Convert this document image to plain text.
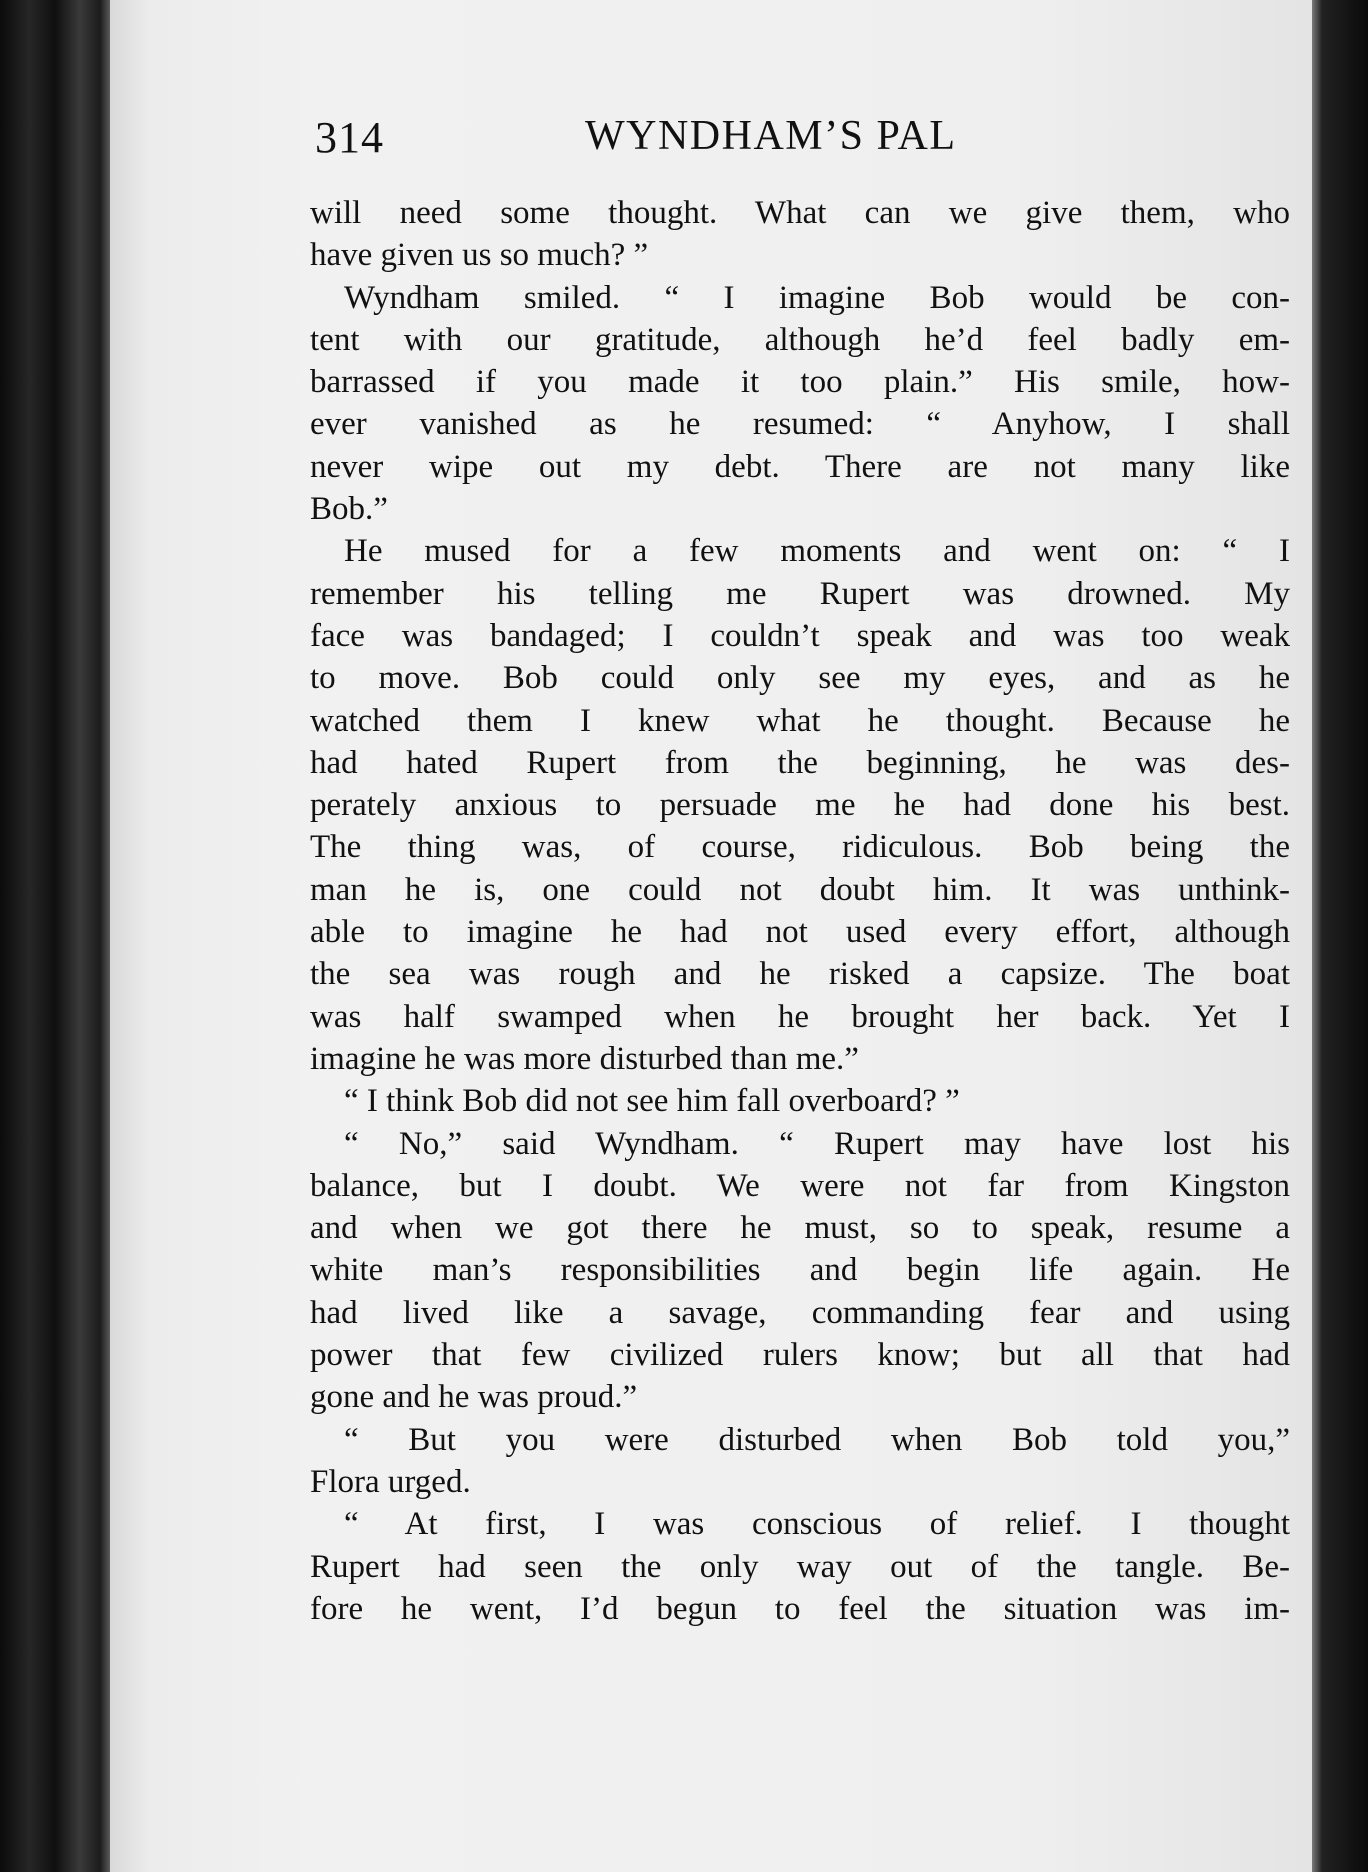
314	WYNDHAM’S PAL
will need some thought. What can we give them, who
have given us so much? ”
Wyndham smiled. “ I imagine Bob would be con-
tent with our gratitude, although he’d feel badly em-
barrassed if you made it too plain.” His smile, how-
ever vanished as he resumed: “ Anyhow, I shall
never wipe out my debt. There are not many like
Bob.”
He mused for a few moments and went on: “ I
remember his telling me Rupert was drowned. My
face was bandaged; I couldn’t speak and was too weak
to move. Bob could only see my eyes, and as he
watched them I knew what he thought. Because he
had hated Rupert from the beginning, he was des-
perately anxious to persuade me he had done his best.
The thing was, of course, ridiculous. Bob being the
man he is, one could not doubt him. It was unthink-
able to imagine he had not used every effort, although
the sea was rough and he risked a capsize. The boat
was half swamped when he brought her back. Yet I
imagine he was more disturbed than me.”
“ I think Bob did not see him fall overboard? ”
“ No,” said Wyndham. “ Rupert may have lost his
balance, but I doubt. We were not far from Kingston
and when we got there he must, so to speak, resume a
white man’s responsibilities and begin life again. He
had lived like a savage, commanding fear and using
power that few civilized rulers know; but all that had
gone and he was proud.”
“ But you were disturbed when Bob told you,”
Flora urged.
“ At first, I was conscious of relief. I thought
Rupert had seen the only way out of the tangle. Be-
fore he went, I’d begun to feel the situation was im-
